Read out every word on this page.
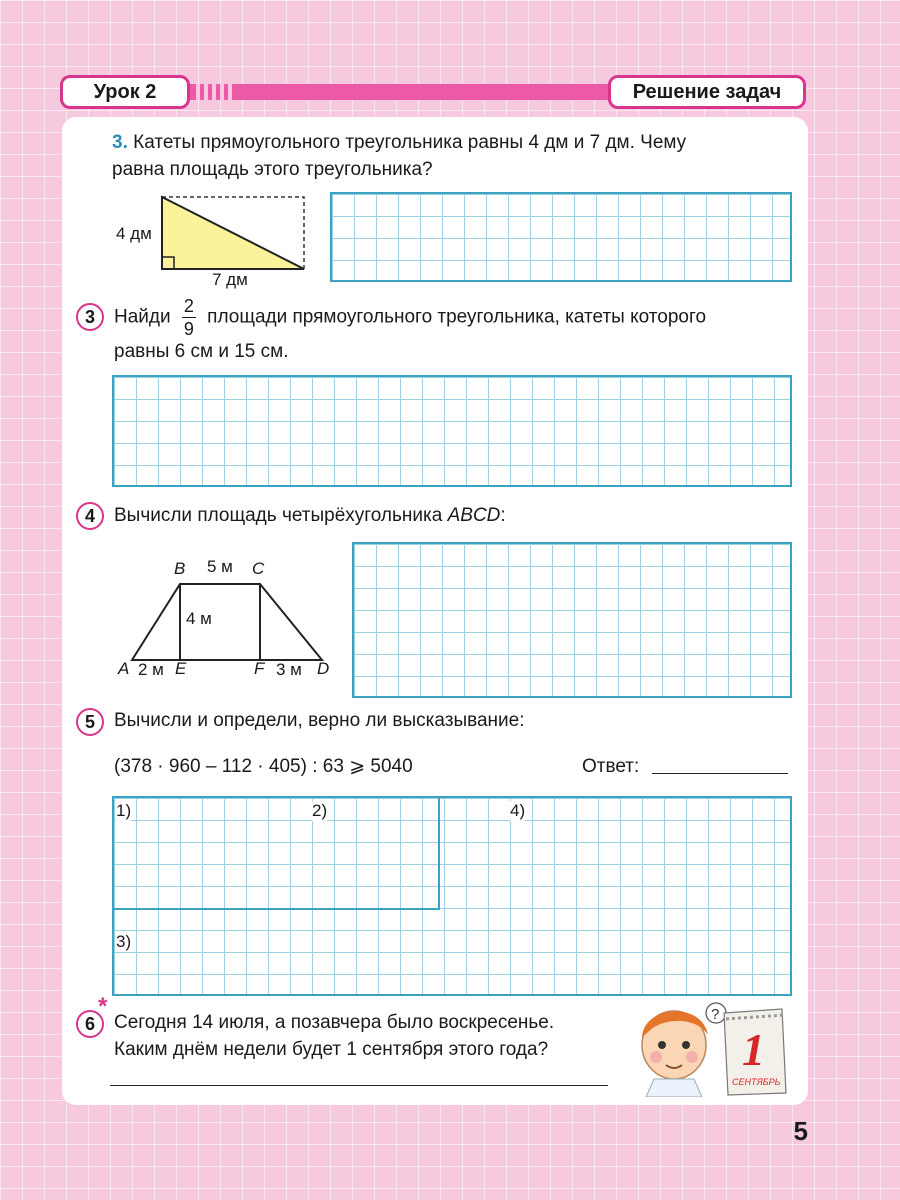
Урок 2	Решение задач
3. Катеты прямоугольного треугольника равны 4 дм и 7 дм. Чему
равна площадь этого треугольника?
4 дм
7 дм
3	Найди $\frac{2}{9}$ площади прямоугольного треугольника, катеты которого
равны 6 см и 15 см.
4	Вычисли площадь четырёхугольника ABCD:
B 5 м C
4 м
A 2 м E	F 3 м D
5	Вычисли и определи, верно ли высказывание:
(378 · 960 – 112 · 405) : 63 ⩾ 5040	Ответ:
1)	2)	4)
3)
6
*
Сегодня 14 июля, а позавчера было воскресенье.
Каким днём недели будет 1 сентября этого года?
?
1
СЕНТЯБРЬ
5
